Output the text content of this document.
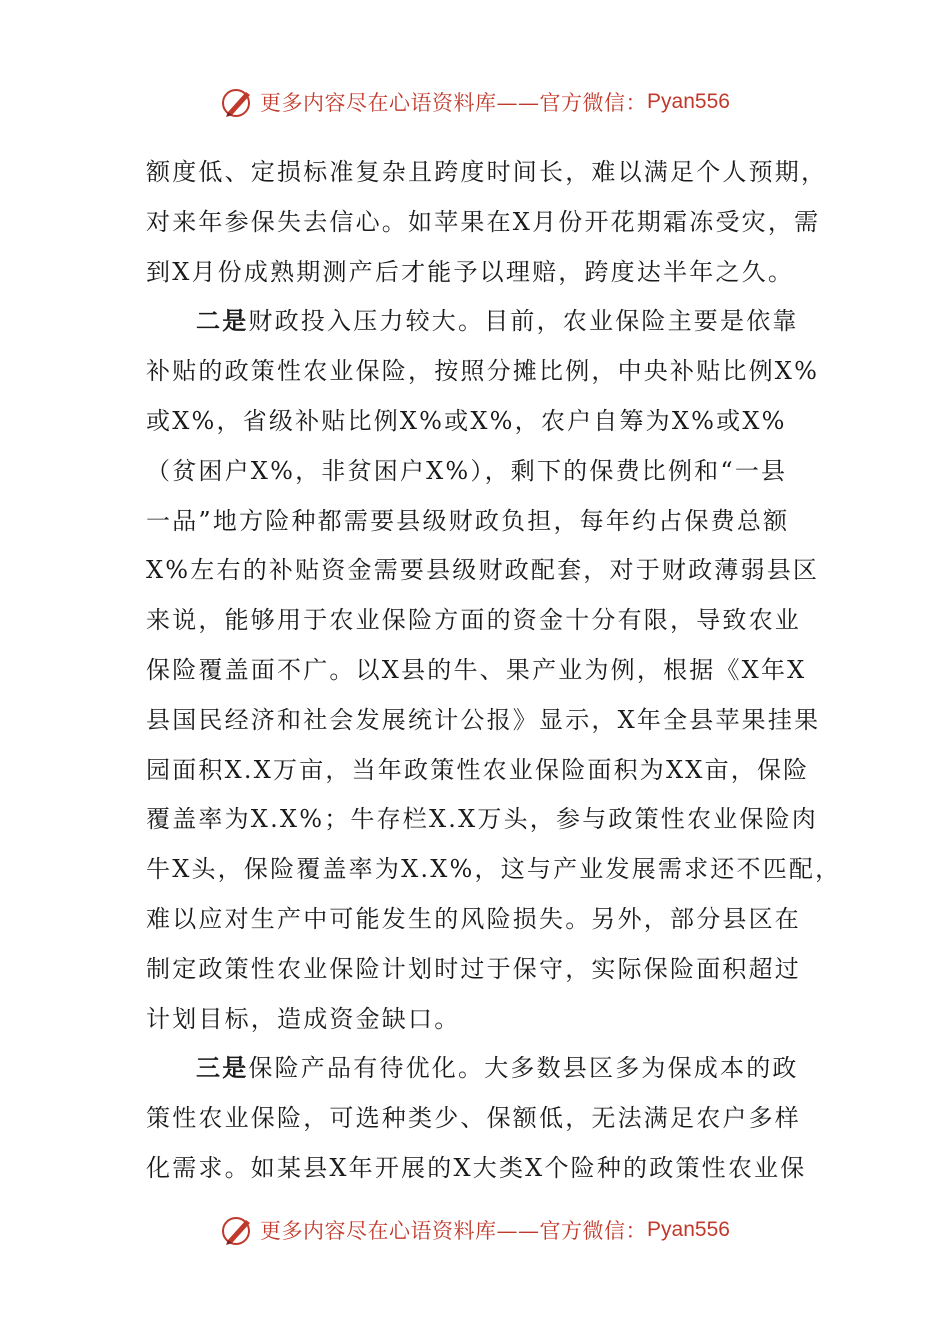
更多内容尽在心语资料库——官方微信： Pyan556
额度低、定损标准复杂且跨度时间长，难以满足个人预期，
对来年参保失去信心。如苹果在X月份开花期霜冻受灾，需
到X月份成熟期测产后才能予以理赔，跨度达半年之久。
二是财政投入压力较大。目前，农业保险主要是依靠
补贴的政策性农业保险，按照分摊比例，中央补贴比例X%
或X%，省级补贴比例X%或X%，农户自筹为X%或X%
（贫困户X%，非贫困户X%），剩下的保费比例和“一县
一品”地方险种都需要县级财政负担，每年约占保费总额
X%左右的补贴资金需要县级财政配套，对于财政薄弱县区
来说，能够用于农业保险方面的资金十分有限，导致农业
保险覆盖面不广。以X县的牛、果产业为例，根据《X年X
县国民经济和社会发展统计公报》显示，X年全县苹果挂果
园面积X.X万亩，当年政策性农业保险面积为XX亩，保险
覆盖率为X.X%；牛存栏X.X万头，参与政策性农业保险肉
牛X头，保险覆盖率为X.X%，这与产业发展需求还不匹配，
难以应对生产中可能发生的风险损失。另外，部分县区在
制定政策性农业保险计划时过于保守，实际保险面积超过
计划目标，造成资金缺口。
三是保险产品有待优化。大多数县区多为保成本的政
策性农业保险，可选种类少、保额低，无法满足农户多样
化需求。如某县X年开展的X大类X个险种的政策性农业保
更多内容尽在心语资料库——官方微信： Pyan556
